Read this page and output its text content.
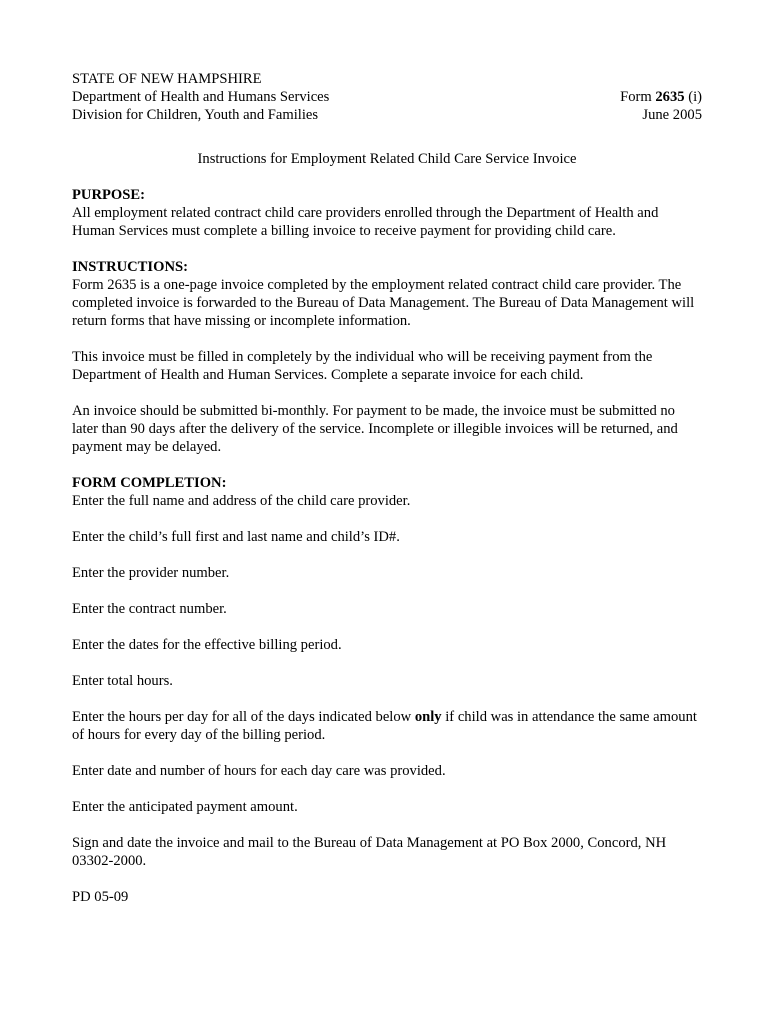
STATE OF NEW HAMPSHIRE
Department of Health and Humans Services
Division for Children, Youth and Families
Form 2635 (i)
June 2005
Instructions for Employment Related Child Care Service Invoice
PURPOSE:

All employment related contract child care providers enrolled through the Department of Health and Human Services must complete a billing invoice to receive payment for providing child care.

INSTRUCTIONS:

Form 2635 is a one-page invoice completed by the employment related contract child care provider. The completed invoice is forwarded to the Bureau of Data Management. The Bureau of Data Management will return forms that have missing or incomplete information.

This invoice must be filled in completely by the individual who will be receiving payment from the Department of Health and Human Services. Complete a separate invoice for each child.

An invoice should be submitted bi-monthly. For payment to be made, the invoice must be submitted no later than 90 days after the delivery of the service. Incomplete or illegible invoices will be returned, and payment may be delayed.

FORM COMPLETION:

Enter the full name and address of the child care provider.

Enter the child’s full first and last name and child’s ID#.

Enter the provider number.

Enter the contract number.

Enter the dates for the effective billing period.

Enter total hours.

Enter the hours per day for all of the days indicated below only if child was in attendance the same amount of hours for every day of the billing period.

Enter date and number of hours for each day care was provided.

Enter the anticipated payment amount.

Sign and date the invoice and mail to the Bureau of Data Management at PO Box 2000, Concord, NH 03302-2000.

PD 05-09
